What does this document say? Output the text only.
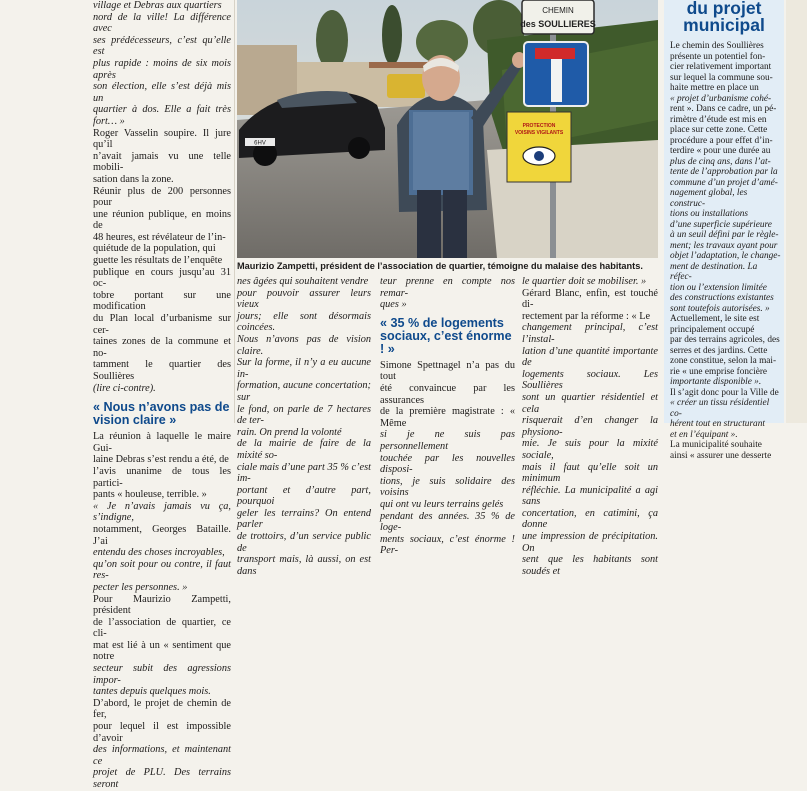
village et Debras aux quartiers

nord de la ville! La différence avec

ses prédécesseurs, c’est qu’elle est

plus rapide : moins de six mois après

son élection, elle s’est déjà mis un

quartier à dos. Elle a fait très fort… »

Roger Vasselin soupire. Il jure qu’il

n’avait jamais vu une telle mobili-

sation dans la zone.

Réunir plus de 200 personnes pour

une réunion publique, en moins de

48 heures, est révélateur de l’in-

quiétude de la population, qui

guette les résultats de l’enquête

publique en cours jusqu’au 31 oc-

tobre portant sur une modification

du Plan local d’urbanisme sur cer-

taines zones de la commune et no-

tamment le quartier des Soullières

(lire ci-contre).

« Nous n’avons pas de vision claire »

La réunion à laquelle le maire Gui-

laine Debras s’est rendu a été, de

l’avis unanime de tous les partici-

pants « houleuse, terrible. »

« Je n’avais jamais vu ça, s’indigne,

notamment, Georges Bataille. J’ai

entendu des choses incroyables,

qu’on soit pour ou contre, il faut res-

pecter les personnes. »

Pour Maurizio Zampetti, président

de l’association de quartier, ce cli-

mat est lié à un « sentiment que notre

secteur subit des agressions impor-

tantes depuis quelques mois.

D’abord, le projet de chemin de fer,

pour lequel il est impossible d’avoir

des informations, et maintenant ce

projet de PLU. Des terrains seront

6HV
CHEMIN
des SOULLIERES
PROTECTION
VOISINS VIGILANTS
Maurizio Zampetti, président de l’association de quartier, témoigne du malaise des habitants.

nes âgées qui souhaitent vendre

pour pouvoir assurer leurs vieux

jours; elle sont désormais coincées.

Nous n’avons pas de vision claire.

Sur la forme, il n’y a eu aucune in-

formation, aucune concertation; sur

le fond, on parle de 7 hectares de ter-

rain. On prend la volonté

de la mairie de faire de la mixité so-

ciale mais d’une part 35 % c’est im-

portant et d’autre part, pourquoi

geler les terrains? On entend parler

de trottoirs, d’un service public de

transport mais, là aussi, on est dans

teur prenne en compte nos remar-

ques »

« 35 % de logements sociaux, c’est énorme ! »

Simone Spettnagel n’a pas du tout

été convaincue par les assurances

de la première magistrate : « Même

si je ne suis pas personnellement

touchée par les nouvelles disposi-

tions, je suis solidaire des voisins

qui ont vu leurs terrains gelés

pendant des années. 35 % de loge-

ments sociaux, c’est énorme ! Per-

le quartier doit se mobiliser. »

Gérard Blanc, enfin, est touché di-

rectement par la réforme : « Le

changement principal, c’est l’instal-

lation d’une quantité importante de

logements sociaux. Les Soullières

sont un quartier résidentiel et cela

risquerait d’en changer la physiono-

mie. Je suis pour la mixité sociale,

mais il faut qu’elle soit un minimum

réfléchie. La municipalité a agi sans

concertation, en catimini, ça donne

une impression de précipitation. On

sent que les habitants sont soudés et

du projet municipal

Le chemin des Soullières

présente un potentiel fon-

cier relativement important

sur lequel la commune sou-

haite mettre en place un

« projet d’urbanisme cohé-

rent ». Dans ce cadre, un pé-

rimètre d’étude est mis en

place sur cette zone. Cette

procédure a pour effet d’in-

terdire « pour une durée au

plus de cinq ans, dans l’at-

tente de l’approbation par la

commune d’un projet d’amé-

nagement global, les construc-

tions ou installations

d’une superficie supérieure

à un seuil défini par le règle-

ment; les travaux ayant pour

objet l’adaptation, le change-

ment de destination. La réfec-

tion ou l’extension limitée

des constructions existantes

sont toutefois autorisées. »

Actuellement, le site est

principalement occupé

par des terrains agricoles, des

serres et des jardins. Cette

zone constitue, selon la mai-

rie « une emprise foncière

importante disponible ».

Il s’agit donc pour la Ville de

« créer un tissu résidentiel co-

hérent tout en structurant

et en l’équipant ».

La municipalité souhaite

ainsi « assurer une desserte
